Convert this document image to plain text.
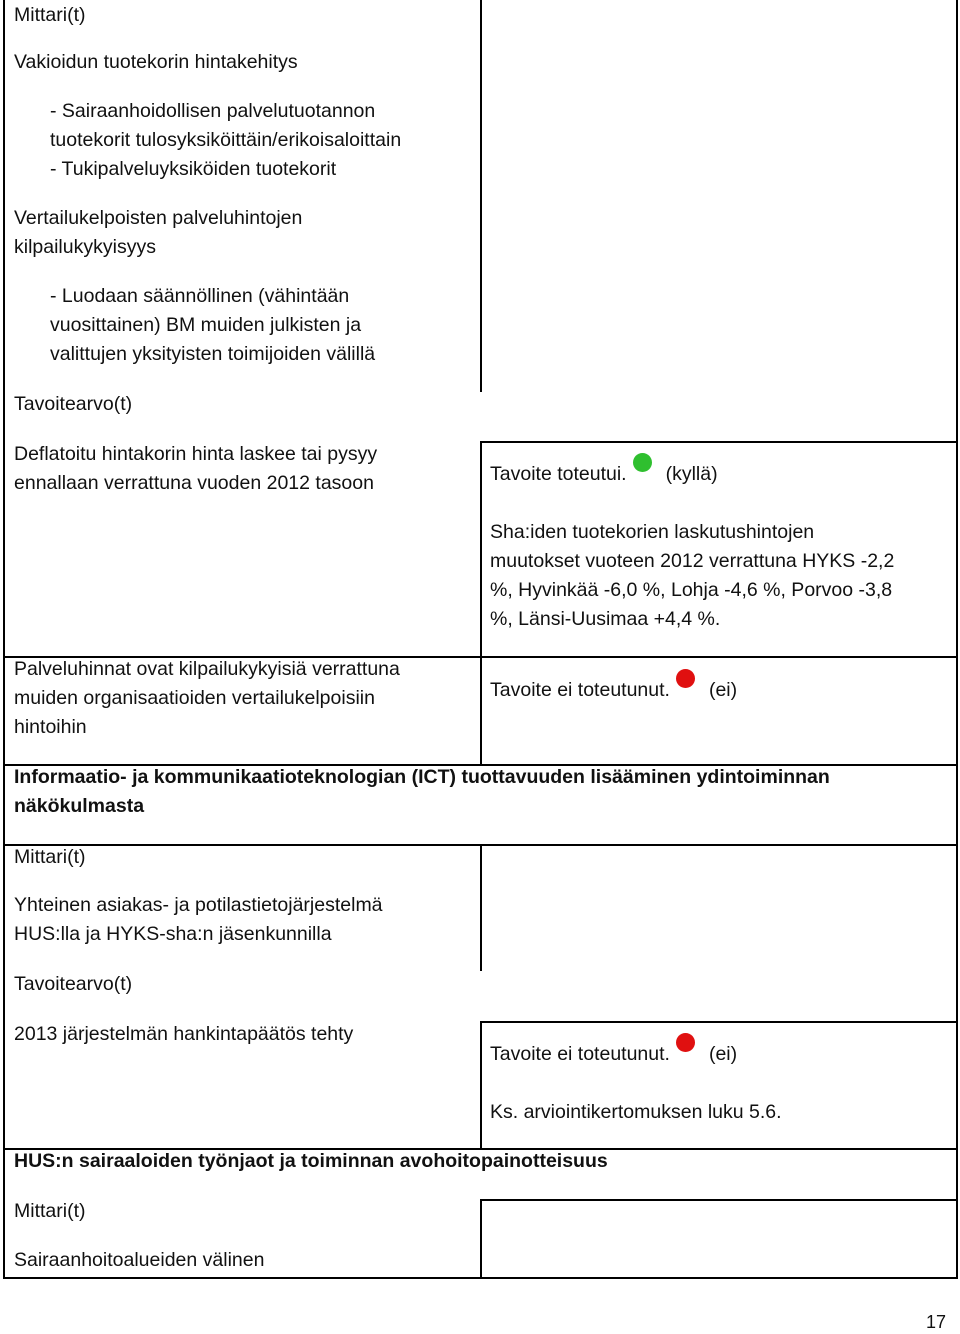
Mittari(t)
Vakioidun tuotekorin hintakehitys
- Sairaanhoidollisen palvelutuotannon
tuotekorit tulosyksiköittäin/erikoisaloittain
- Tukipalveluyksiköiden tuotekorit
Vertailukelpoisten palveluhintojen
kilpailukykyisyys
- Luodaan säännöllinen (vähintään
vuosittainen) BM muiden julkisten ja
valittujen yksityisten toimijoiden välillä
Tavoitearvo(t)
Deflatoitu hintakorin hinta laskee tai pysyy
ennallaan verrattuna vuoden 2012 tasoon	Tavoite toteutui. (kyllä)
Sha:iden tuotekorien laskutushintojen
muutokset vuoteen 2012 verrattuna HYKS -2,2
%, Hyvinkää -6,0 %, Lohja -4,6 %, Porvoo -3,8
%, Länsi-Uusimaa +4,4 %.
Palveluhinnat ovat kilpailukykyisiä verrattuna
muiden organisaatioiden vertailukelpoisiin
hintoihin
Tavoite ei toteutunut. (ei)
Informaatio- ja kommunikaatioteknologian (ICT) tuottavuuden lisääminen ydintoiminnan
näkökulmasta
Mittari(t)
Yhteinen asiakas- ja potilastietojärjestelmä
HUS:lla ja HYKS-sha:n jäsenkunnilla
Tavoitearvo(t)
2013 järjestelmän hankintapäätös tehty
Tavoite ei toteutunut. (ei)
Ks. arviointikertomuksen luku 5.6.
HUS:n sairaaloiden työnjaot ja toiminnan avohoitopainotteisuus
Mittari(t)
Sairaanhoitoalueiden välinen
17
